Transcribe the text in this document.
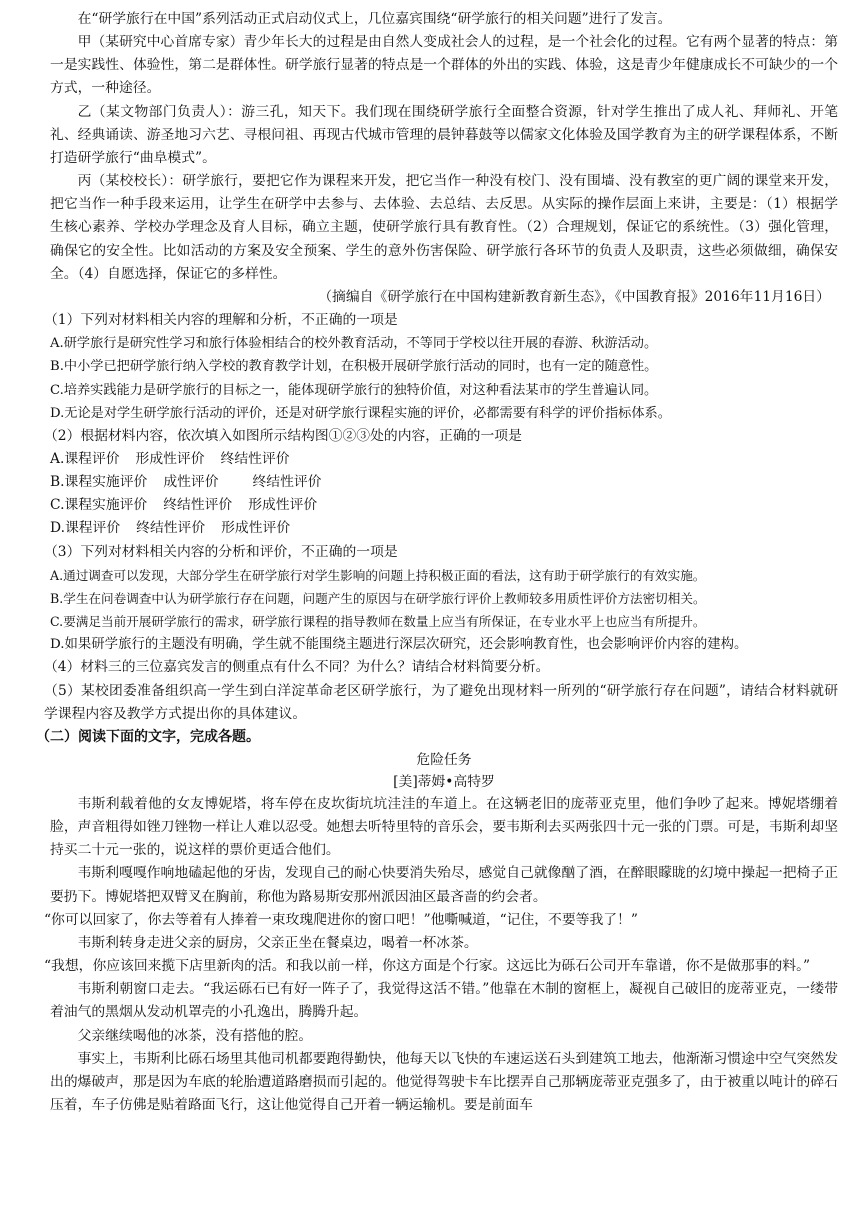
在“研学旅行在中国”系列活动正式启动仪式上，几位嘉宾围绕“研学旅行的相关问题”进行了发言。

甲（某研究中心首席专家）青少年长大的过程是由自然人变成社会人的过程，是一个社会化的过程。它有两个显著的特点：第一是实践性、体验性，第二是群体性。研学旅行显著的特点是一个群体的外出的实践、体验，这是青少年健康成长不可缺少的一个方式，一种途径。

乙（某文物部门负责人）：游三孔，知天下。我们现在围绕研学旅行全面整合资源，针对学生推出了成人礼、拜师礼、开笔礼、经典诵读、游圣地习六艺、寻根问祖、再现古代城市管理的晨钟暮鼓等以儒家文化体验及国学教育为主的研学课程体系，不断打造研学旅行“曲阜模式”。

丙（某校校长）：研学旅行，要把它作为课程来开发，把它当作一种没有校门、没有围墙、没有教室的更广阔的课堂来开发，把它当作一种手段来运用，让学生在研学中去参与、去体验、去总结、去反思。从实际的操作层面上来讲，主要是：（1）根据学生核心素养、学校办学理念及育人目标，确立主题，使研学旅行具有教育性。（2）合理规划，保证它的系统性。（3）强化管理，确保它的安全性。比如活动的方案及安全预案、学生的意外伤害保险、研学旅行各环节的负责人及职责，这些必须做细，确保安全。（4）自愿选择，保证它的多样性。

（摘编自《研学旅行在中国构建新教育新生态》，《中国教育报》2016年11月16日）

（1）下列对材料相关内容的理解和分析，不正确的一项是

A.研学旅行是研究性学习和旅行体验相结合的校外教育活动，不等同于学校以往开展的春游、秋游活动。

B.中小学已把研学旅行纳入学校的教育教学计划，在积极开展研学旅行活动的同时，也有一定的随意性。

C.培养实践能力是研学旅行的目标之一，能体现研学旅行的独特价值，对这种看法某市的学生普遍认同。

D.无论是对学生研学旅行活动的评价，还是对研学旅行课程实施的评价，必都需要有科学的评价指标体系。

（2）根据材料内容，依次填入如图所示结构图①②③处的内容，正确的一项是

A.课程评价 形成性评价 终结性评价

B.课程实施评价 成性评价 终结性评价

C.课程实施评价 终结性评价 形成性评价

D.课程评价 终结性评价 形成性评价

（3）下列对材料相关内容的分析和评价，不正确的一项是

A.通过调查可以发现，大部分学生在研学旅行对学生影响的问题上持积极正面的看法，这有助于研学旅行的有效实施。

B.学生在问卷调查中认为研学旅行存在问题，问题产生的原因与在研学旅行评价上教师较多用质性评价方法密切相关。

C.要满足当前开展研学旅行的需求，研学旅行课程的指导教师在数量上应当有所保证，在专业水平上也应当有所提升。

D.如果研学旅行的主题没有明确，学生就不能围绕主题进行深层次研究，还会影响教育性，也会影响评价内容的建构。

（4）材料三的三位嘉宾发言的侧重点有什么不同？为什么？请结合材料简要分析。

（5）某校团委准备组织高一学生到白洋淀革命老区研学旅行，为了避免出现材料一所列的“研学旅行存在问题”，请结合材料就研学课程内容及教学方式提出你的具体建议。

（二）阅读下面的文字，完成各题。

危险任务

[美]蒂姆•高特罗

韦斯利载着他的女友博妮塔，将车停在皮坎街坑坑洼洼的车道上。在这辆老旧的庞蒂亚克里，他们争吵了起来。博妮塔绷着脸，声音粗得如锉刀锉物一样让人难以忍受。她想去听特里特的音乐会，要韦斯利去买两张四十元一张的门票。可是，韦斯利却坚持买二十元一张的，说这样的票价更适合他们。

韦斯利嘎嘎作响地磕起他的牙齿，发现自己的耐心快要消失殆尽，感觉自己就像酗了酒，在醉眼矇眬的幻境中操起一把椅子正要扔下。博妮塔把双臂叉在胸前，称他为路易斯安那州派因油区最吝啬的约会者。

“你可以回家了，你去等着有人捧着一束玫瑰爬进你的窗口吧！”他嘶喊道，“记住，不要等我了！”

韦斯利转身走进父亲的厨房，父亲正坐在餐桌边，喝着一杯冰茶。

“我想，你应该回来揽下店里新肉的活。和我以前一样，你这方面是个行家。这远比为砾石公司开车靠谱，你不是做那事的料。”

韦斯利朝窗口走去。“我运砾石已有好一阵子了，我觉得这活不错。”他靠在木制的窗框上，凝视自己破旧的庞蒂亚克，一缕带着油气的黑烟从发动机罩壳的小孔逸出，腾腾升起。

父亲继续喝他的冰茶，没有搭他的腔。

事实上，韦斯利比砾石场里其他司机都要跑得勤快，他每天以飞快的车速运送石头到建筑工地去，他渐渐习惯途中空气突然发出的爆破声，那是因为车底的轮胎遭道路磨损而引起的。他觉得驾驶卡车比摆弄自己那辆庞蒂亚克强多了，由于被重以吨计的碎石压着，车子仿佛是贴着路面飞行，这让他觉得自己开着一辆运输机。要是前面车
